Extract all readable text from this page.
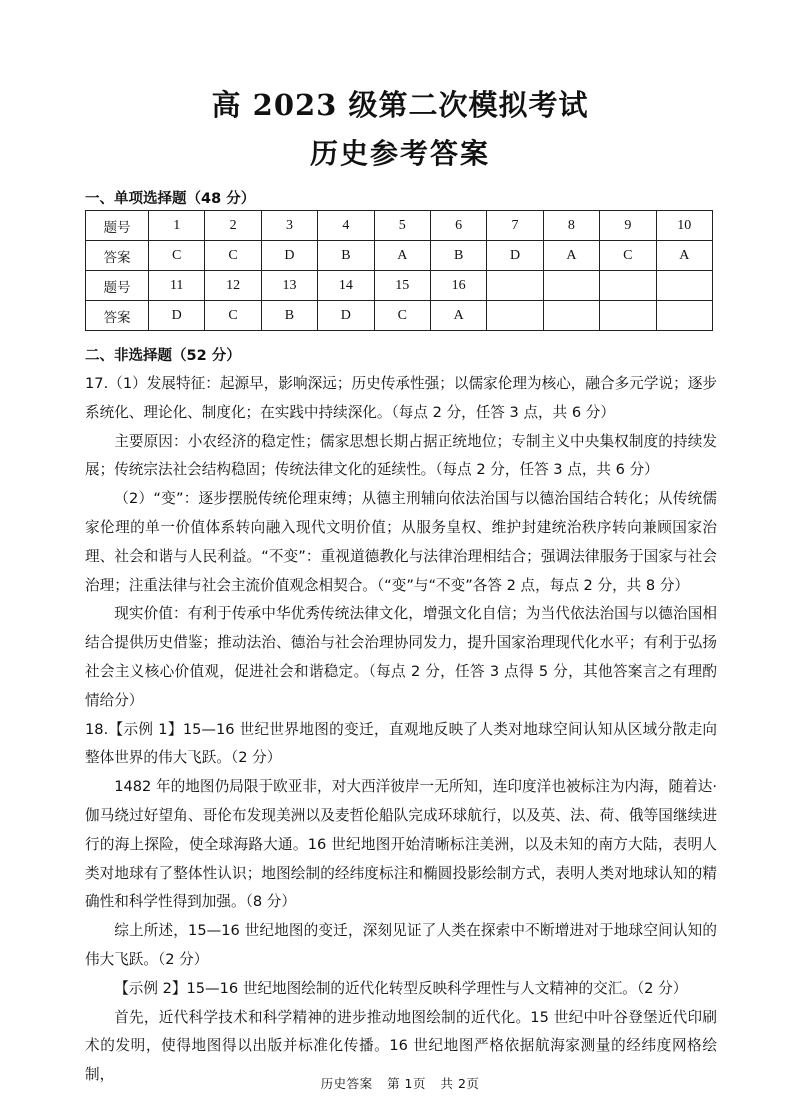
高 2023 级第二次模拟考试
历史参考答案
一、单项选择题（48 分）
题号	1	2	3	4	5	6	7	8	9	10
答案	C	C	D	B	A	B	D	A	C	A
题号	11	12	13	14	15	16				
答案	D	C	B	D	C	A				
二、非选择题（52 分）

17.（1）发展特征：起源早，影响深远；历史传承性强；以儒家伦理为核心，融合多元学说；逐步系统化、理论化、制度化；在实践中持续深化。（每点 2 分，任答 3 点，共 6 分）

主要原因：小农经济的稳定性；儒家思想长期占据正统地位；专制主义中央集权制度的持续发展；传统宗法社会结构稳固；传统法律文化的延续性。（每点 2 分，任答 3 点，共 6 分）

（2）“变”：逐步摆脱传统伦理束缚；从德主刑辅向依法治国与以德治国结合转化；从传统儒家伦理的单一价值体系转向融入现代文明价值；从服务皇权、维护封建统治秩序转向兼顾国家治理、社会和谐与人民利益。“不变”：重视道德教化与法律治理相结合；强调法律服务于国家与社会治理；注重法律与社会主流价值观念相契合。（“变”与“不变”各答 2 点，每点 2 分，共 8 分）

现实价值：有利于传承中华优秀传统法律文化，增强文化自信；为当代依法治国与以德治国相结合提供历史借鉴；推动法治、德治与社会治理协同发力，提升国家治理现代化水平；有利于弘扬社会主义核心价值观，促进社会和谐稳定。（每点 2 分，任答 3 点得 5 分，其他答案言之有理酌情给分）

18.【示例 1】15—16 世纪世界地图的变迁，直观地反映了人类对地球空间认知从区域分散走向整体世界的伟大飞跃。（2 分）

1482 年的地图仍局限于欧亚非，对大西洋彼岸一无所知，连印度洋也被标注为内海，随着达·伽马绕过好望角、哥伦布发现美洲以及麦哲伦船队完成环球航行，以及英、法、荷、俄等国继续进行的海上探险，使全球海路大通。16 世纪地图开始清晰标注美洲，以及未知的南方大陆，表明人类对地球有了整体性认识；地图绘制的经纬度标注和椭圆投影绘制方式，表明人类对地球认知的精确性和科学性得到加强。（8 分）

综上所述，15—16 世纪地图的变迁，深刻见证了人类在探索中不断增进对于地球空间认知的伟大飞跃。（2 分）

【示例 2】15—16 世纪地图绘制的近代化转型反映科学理性与人文精神的交汇。（2 分）

首先，近代科学技术和科学精神的进步推动地图绘制的近代化。15 世纪中叶谷登堡近代印刷术的发明，使得地图得以出版并标准化传播。16 世纪地图严格依据航海家测量的经纬度网格绘制，

历史答案 第 1页 共 2页
